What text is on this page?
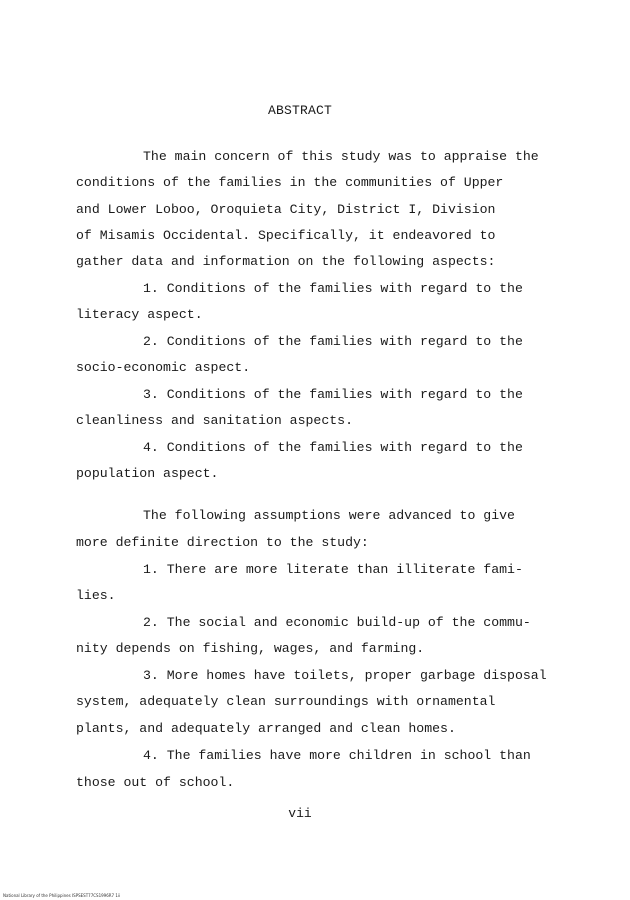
ABSTRACT
The main concern of this study was to appraise the
conditions of the families in the communities of Upper
and Lower Loboo, Oroquieta City, District I, Division
of Misamis Occidental. Specifically, it endeavored to
gather data and information on the following aspects:
1. Conditions of the families with regard to the
literacy aspect.
2. Conditions of the families with regard to the
socio-economic aspect.
3. Conditions of the families with regard to the
cleanliness and sanitation aspects.
4. Conditions of the families with regard to the
population aspect.
The following assumptions were advanced to give
more definite direction to the study:
1. There are more literate than illiterate fami-
lies.
2. The social and economic build-up of the commu-
nity depends on fishing, wages, and farming.
3. More homes have toilets, proper garbage disposal
system, adequately clean surroundings with ornamental
plants, and adequately arranged and clean homes.
4. The families have more children in school than
those out of school.
vii
National Library of the Philippines ISPSEST77CS1996R7 1ii
